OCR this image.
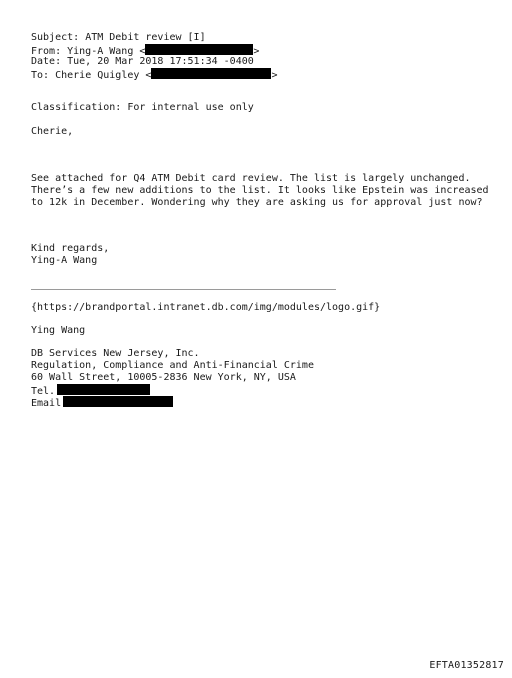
Subject: ATM Debit review [I]
From: Ying-A Wang <	>
Date: Tue, 20 Mar 2018 17:51:34 -0400
To: Cherie Quigley <	>
Classification: For internal use only
Cherie,
See attached for Q4 ATM Debit card review. The list is largely unchanged.
There’s a few new additions to the list. It looks like Epstein was increased
to 12k in December. Wondering why they are asking us for approval just now?
Kind regards,
Ying-A Wang
{https://brandportal.intranet.db.com/img/modules/logo.gif}
Ying Wang
DB Services New Jersey, Inc.
Regulation, Compliance and Anti-Financial Crime
60 Wall Street, 10005-2836 New York, NY, USA
Tel.
Email
EFTA01352817
